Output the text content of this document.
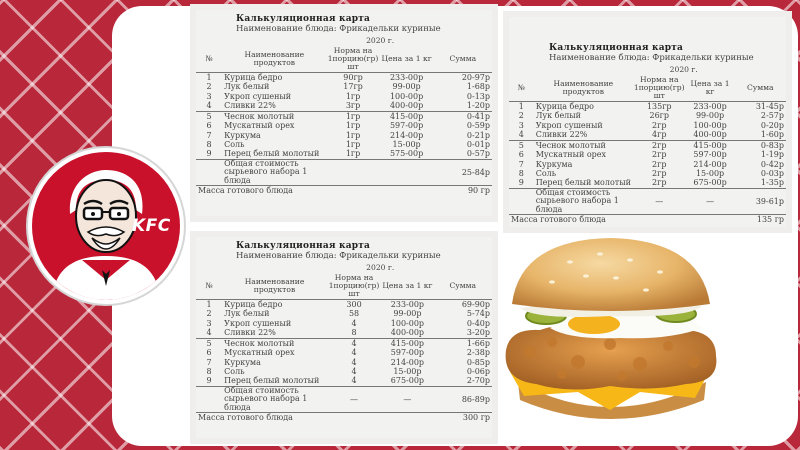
KFC
Калькуляционная карта
Наименование блюда: Фрикадельки куриные
		2020 г.		
№	Наименование продуктов	Норма на 1порцию(гр) шт	Цена за 1 кг	Сумма
1	Курица бедро	90гр	233-00р	20-97р
2	Лук белый	17гр	99-00р	1-68р
3	Укроп сушеный	1гр	100-00р	0-13р
4	Сливки 22%	3гр	400-00р	1-20р
5	Чеснок молотый	1гр	415-00р	0-41р
6	Мускатный орех	1гр	597-00р	0-59р
7	Куркума	1гр	214-00р	0-21р
8	Соль	1гр	15-00р	0-01р
9	Перец белый молотый	1гр	575-00р	0-57р
	Общая стоимость сырьевого набора 1 блюда			25-84р
Масса готового блюда				90 гр
Калькуляционная карта
Наименование блюда: Фрикадельки куриные
		2020 г.		
№	Наименование продуктов	Норма на 1порцию(гр) шт	Цена за 1 кг	Сумма
1	Курица бедро	135гр	233-00р	31-45р
2	Лук белый	26гр	99-00р	2-57р
3	Укроп сушеный	2гр	100-00р	0-20р
4	Сливки 22%	4гр	400-00р	1-60р
5	Чеснок молотый	2гр	415-00р	0-83р
6	Мускатный орех	2гр	597-00р	1-19р
7	Куркума	2гр	214-00р	0-42р
8	Соль	2гр	15-00р	0-03р
9	Перец белый молотый	2гр	675-00р	1-35р
	Общая стоимость сырьевого набора 1 блюда	—	—	39-61р
Масса готового блюда				135 гр
Калькуляционная карта
Наименование блюда: Фрикадельки куриные
		2020 г.		
№	Наименование продуктов	Норма на 1порцию(гр) шт	Цена за 1 кг	Сумма
1	Курица бедро	300	233-00р	69-90р
2	Лук белый	58	99-00р	5-74р
3	Укроп сушеный	4	100-00р	0-40р
4	Сливки 22%	8	400-00р	3-20р
5	Чеснок молотый	4	415-00р	1-66р
6	Мускатный орех	4	597-00р	2-38р
7	Куркума	4	214-00р	0-85р
8	Соль	4	15-00р	0-06р
9	Перец белый молотый	4	675-00р	2-70р
	Общая стоимость сырьевого набора 1 блюда	—	—	86-89р
Масса готового блюда				300 гр
